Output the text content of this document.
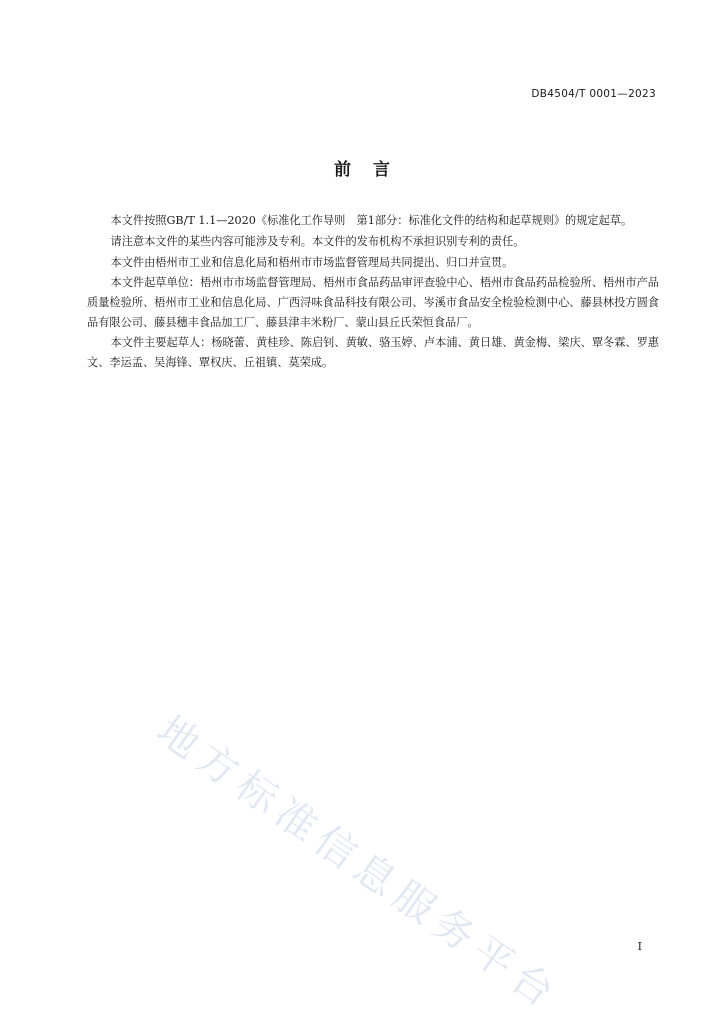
DB4504/T 0001—2023
前言

本文件按照GB/T 1.1—2020《标准化工作导则　第1部分：标准化文件的结构和起草规则》的规定起草。

请注意本文件的某些内容可能涉及专利。本文件的发布机构不承担识别专利的责任。

本文件由梧州市工业和信息化局和梧州市市场监督管理局共同提出、归口并宣贯。

本文件起草单位：梧州市市场监督管理局、梧州市食品药品审评查验中心、梧州市食品药品检验所、梧州市产品质量检验所、梧州市工业和信息化局、广西浔味食品科技有限公司、岑溪市食品安全检验检测中心、藤县林投方圆食品有限公司、藤县穗丰食品加工厂、藤县津丰米粉厂、蒙山县丘氏荣恒食品厂。

本文件主要起草人：杨晓蕾、黄桂珍、陈启钊、黄敏、骆玉婷、卢本浦、黄日雄、黄金梅、梁庆、覃冬霖、罗惠文、李运孟、吴海锋、覃权庆、丘祖镇、莫荣成。

地方标准信息服务平台	I
